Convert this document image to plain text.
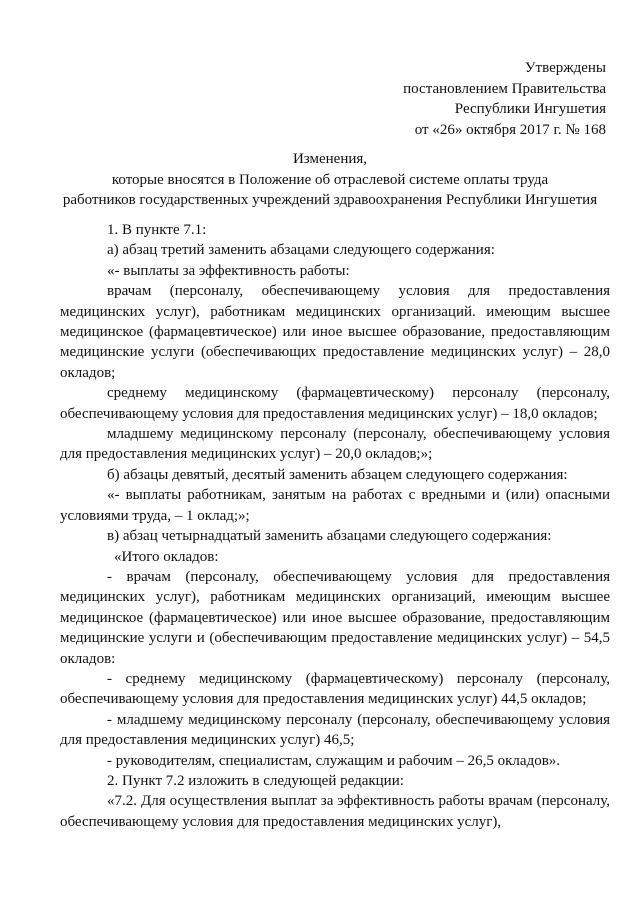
Утверждены
постановлением Правительства
Республики Ингушетия
от «26» октября 2017 г. № 168
Изменения,
которые вносятся в Положение об отраслевой системе оплаты труда
работников государственных учреждений здравоохранения Республики Ингушетия

1. В пункте 7.1:

а) абзац третий заменить абзацами следующего содержания:

«- выплаты за эффективность работы:

врачам (персоналу, обеспечивающему условия для предоставления медицинских услуг), работникам медицинских организаций. имеющим высшее медицинское (фармацевтическое) или иное высшее образование, предоставляющим медицинские услуги (обеспечивающих предоставление медицинских услуг) – 28,0 окладов;

среднему медицинскому (фармацевтическому) персоналу (персоналу, обеспечивающему условия для предоставления медицинских услуг) – 18,0 окладов;

младшему медицинскому персоналу (персоналу, обеспечивающему условия для предоставления медицинских услуг) – 20,0 окладов;»;

б) абзацы девятый, десятый заменить абзацем следующего содержания:

«- выплаты работникам, занятым на работах с вредными и (или) опасными условиями труда, – 1 оклад;»;

в) абзац четырнадцатый заменить абзацами следующего содержания:

«Итого окладов:

- врачам (персоналу, обеспечивающему условия для предоставления медицинских услуг), работникам медицинских организаций, имеющим высшее медицинское (фармацевтическое) или иное высшее образование, предоставляющим медицинские услуги и (обеспечивающим предоставление медицинских услуг) – 54,5 окладов:

- среднему медицинскому (фармацевтическому) персоналу (персоналу, обеспечивающему условия для предоставления медицинских услуг) 44,5 окладов;

- младшему медицинскому персоналу (персоналу, обеспечивающему условия для предоставления медицинских услуг) 46,5;

- руководителям, специалистам, служащим и рабочим – 26,5 окладов».

2. Пункт 7.2 изложить в следующей редакции:

«7.2. Для осуществления выплат за эффективность работы врачам (персоналу, обеспечивающему условия для предоставления медицинских услуг),
